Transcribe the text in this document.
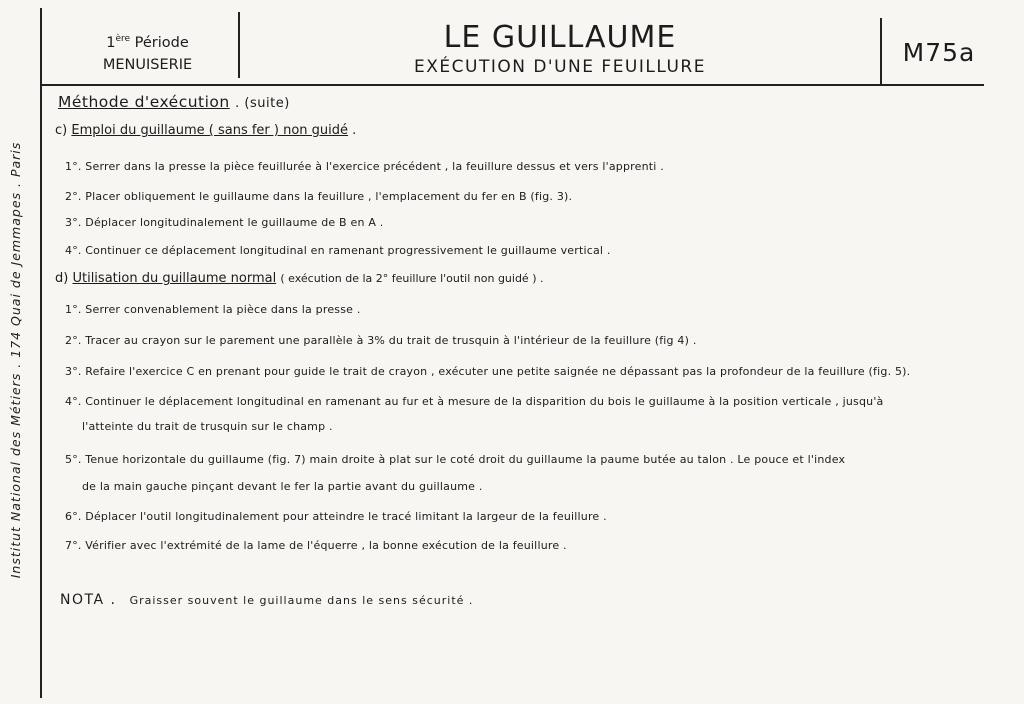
Institut National des Métiers . 174 Quai de Jemmapes . Paris
1ère Période
MENUISERIE
LE GUILLAUME
EXÉCUTION D'UNE FEUILLURE	M75a
Méthode d'exécution . (suite)
c) Emploi du guillaume ( sans fer ) non guidé .
1°. Serrer dans la presse la pièce feuillurée à l'exercice précédent , la feuillure dessus et vers l'apprenti .
2°. Placer obliquement le guillaume dans la feuillure , l'emplacement du fer en B (fig. 3).
3°. Déplacer longitudinalement le guillaume de B en A .
4°. Continuer ce déplacement longitudinal en ramenant progressivement le guillaume vertical .
d) Utilisation du guillaume normal ( exécution de la 2° feuillure l'outil non guidé ) .
1°. Serrer convenablement la pièce dans la presse .
2°. Tracer au crayon sur le parement une parallèle à 3% du trait de trusquin à l'intérieur de la feuillure (fig 4) .
3°. Refaire l'exercice C en prenant pour guide le trait de crayon , exécuter une petite saignée ne dépassant pas la profondeur de la feuillure (fig. 5).
4°. Continuer le déplacement longitudinal en ramenant au fur et à mesure de la disparition du bois le guillaume à la position verticale , jusqu'à
l'atteinte du trait de trusquin sur le champ .
5°. Tenue horizontale du guillaume (fig. 7) main droite à plat sur le coté droit du guillaume la paume butée au talon . Le pouce et l'index
de la main gauche pinçant devant le fer la partie avant du guillaume .
6°. Déplacer l'outil longitudinalement pour atteindre le tracé limitant la largeur de la feuillure .
7°. Vérifier avec l'extrémité de la lame de l'équerre , la bonne exécution de la feuillure .
NOTA . Graisser souvent le guillaume dans le sens sécurité .
